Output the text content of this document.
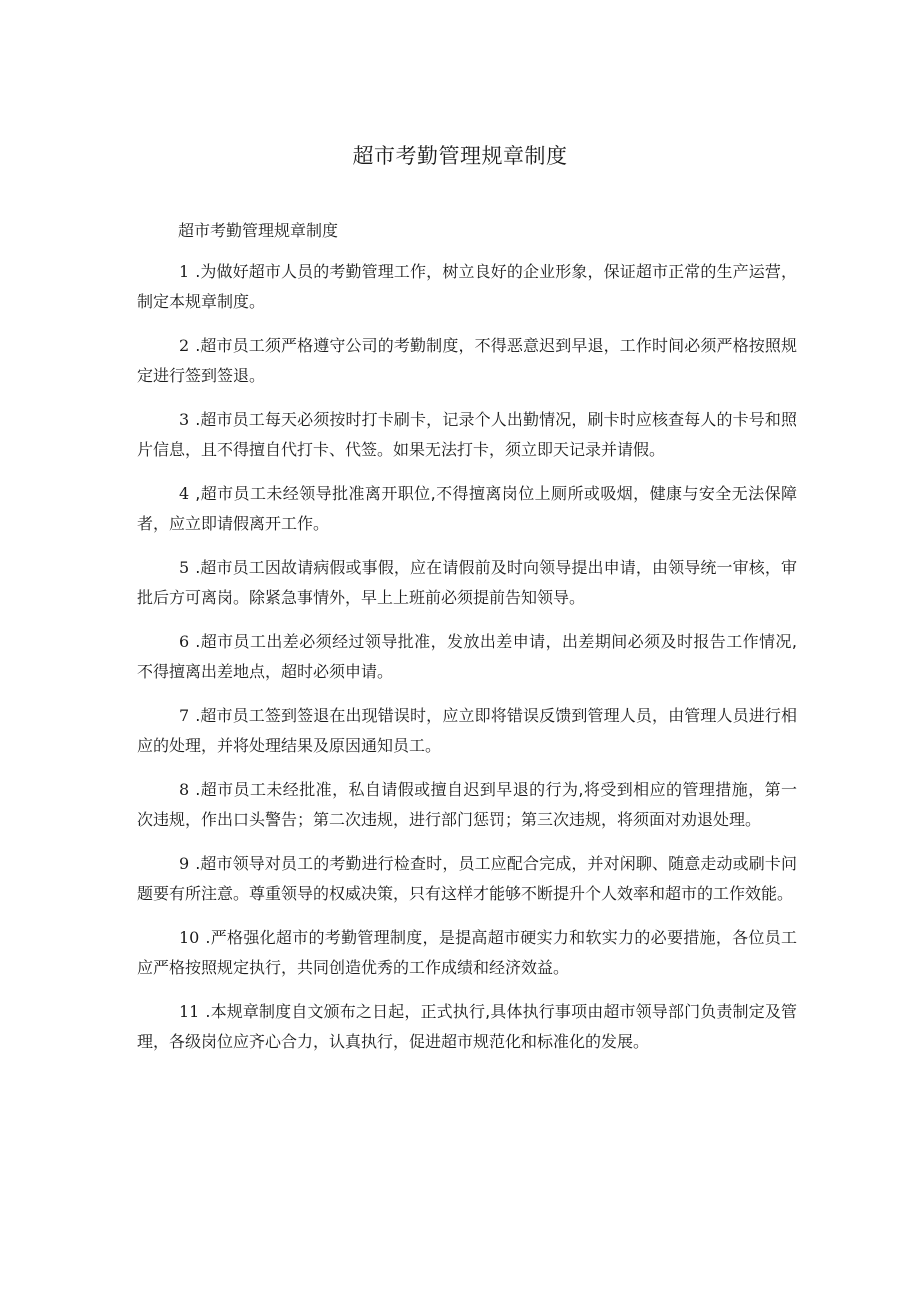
超市考勤管理规章制度

超市考勤管理规章制度

1 .为做好超市人员的考勤管理工作，树立良好的企业形象，保证超市正常的生产运营，制定本规章制度。

2 .超市员工须严格遵守公司的考勤制度，不得恶意迟到早退，工作时间必须严格按照规定进行签到签退。

3 .超市员工每天必须按时打卡刷卡，记录个人出勤情况，刷卡时应核查每人的卡号和照片信息，且不得擅自代打卡、代签。如果无法打卡，须立即天记录并请假。

4 ,超市员工未经领导批准离开职位,不得擅离岗位上厕所或吸烟，健康与安全无法保障者，应立即请假离开工作。

5 .超市员工因故请病假或事假，应在请假前及时向领导提出申请，由领导统一审核，审批后方可离岗。除紧急事情外，早上上班前必须提前告知领导。

6 .超市员工出差必须经过领导批准，发放出差申请，出差期间必须及时报告工作情况,不得擅离出差地点，超时必须申请。

7 .超市员工签到签退在出现错误时，应立即将错误反馈到管理人员，由管理人员进行相应的处理，并将处理结果及原因通知员工。

8 .超市员工未经批准，私自请假或擅自迟到早退的行为,将受到相应的管理措施，第一次违规，作出口头警告；第二次违规，进行部门惩罚；第三次违规，将须面对劝退处理。

9 .超市领导对员工的考勤进行检查时，员工应配合完成，并对闲聊、随意走动或刷卡问题要有所注意。尊重领导的权威决策，只有这样才能够不断提升个人效率和超市的工作效能。

10 .严格强化超市的考勤管理制度，是提高超市硬实力和软实力的必要措施，各位员工应严格按照规定执行，共同创造优秀的工作成绩和经济效益。

11 .本规章制度自文颁布之日起，正式执行,具体执行事项由超市领导部门负责制定及管理，各级岗位应齐心合力，认真执行，促进超市规范化和标准化的发展。
